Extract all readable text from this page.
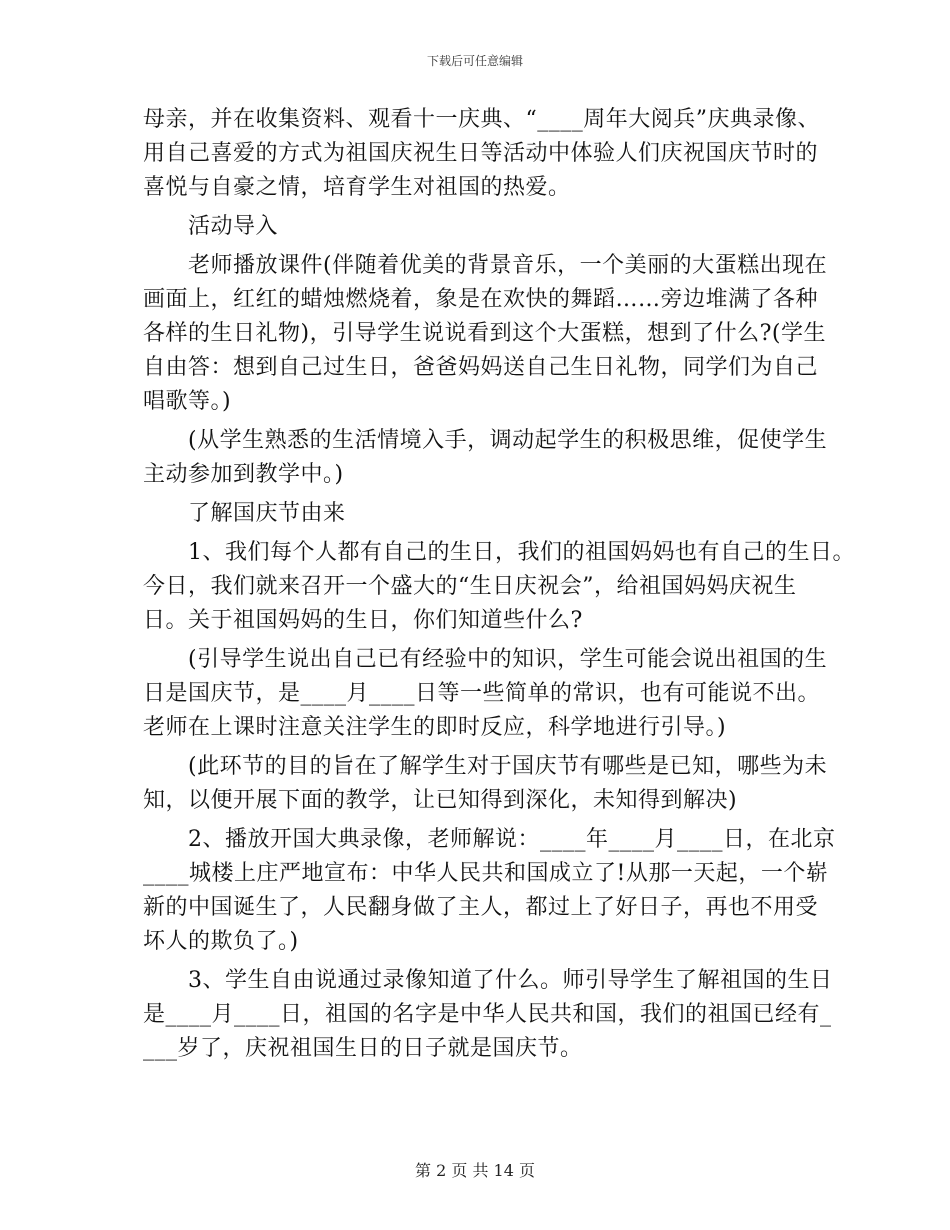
下载后可任意编辑
母亲，并在收集资料、观看十一庆典、“____周年大阅兵”庆典录像、
用自己喜爱的方式为祖国庆祝生日等活动中体验人们庆祝国庆节时的
喜悦与自豪之情，培育学生对祖国的热爱。
活动导入
老师播放课件(伴随着优美的背景音乐，一个美丽的大蛋糕出现在
画面上，红红的蜡烛燃烧着，象是在欢快的舞蹈……旁边堆满了各种
各样的生日礼物)，引导学生说说看到这个大蛋糕，想到了什么?(学生
自由答：想到自己过生日，爸爸妈妈送自己生日礼物，同学们为自己
唱歌等。)
(从学生熟悉的生活情境入手，调动起学生的积极思维，促使学生
主动参加到教学中。)
了解国庆节由来
1、我们每个人都有自己的生日，我们的祖国妈妈也有自己的生日。
今日，我们就来召开一个盛大的“生日庆祝会”，给祖国妈妈庆祝生
日。关于祖国妈妈的生日，你们知道些什么?
(引导学生说出自己已有经验中的知识，学生可能会说出祖国的生
日是国庆节，是____月____日等一些简单的常识，也有可能说不出。
老师在上课时注意关注学生的即时反应，科学地进行引导。)
(此环节的目的旨在了解学生对于国庆节有哪些是已知，哪些为未
知，以便开展下面的教学，让已知得到深化，未知得到解决)
2、播放开国大典录像，老师解说：____年____月____日，在北京
____城楼上庄严地宣布：中华人民共和国成立了!从那一天起，一个崭
新的中国诞生了，人民翻身做了主人，都过上了好日子，再也不用受
坏人的欺负了。)
3、学生自由说通过录像知道了什么。师引导学生了解祖国的生日
是____月____日，祖国的名字是中华人民共和国，我们的祖国已经有_
___岁了，庆祝祖国生日的日子就是国庆节。
第 2 页 共 14 页
